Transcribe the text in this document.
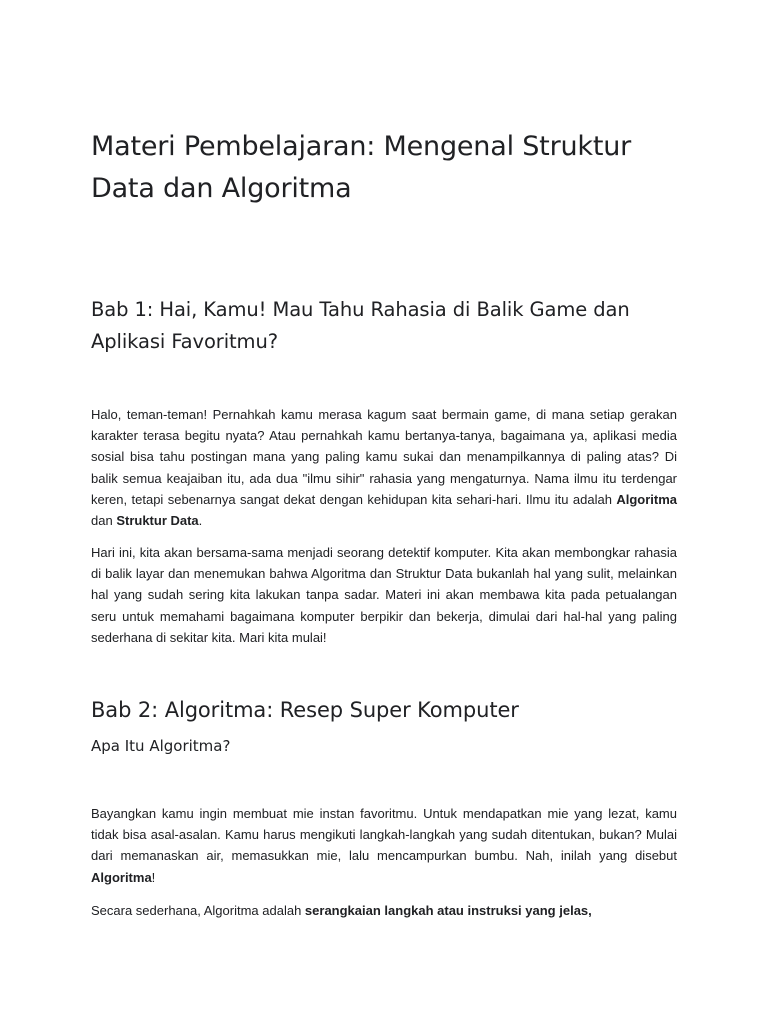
Materi Pembelajaran: Mengenal Struktur Data dan Algoritma
Bab 1: Hai, Kamu! Mau Tahu Rahasia di Balik Game dan Aplikasi Favoritmu?

Halo, teman-teman! Pernahkah kamu merasa kagum saat bermain game, di mana setiap gerakan karakter terasa begitu nyata? Atau pernahkah kamu bertanya-tanya, bagaimana ya, aplikasi media sosial bisa tahu postingan mana yang paling kamu sukai dan menampilkannya di paling atas? Di balik semua keajaiban itu, ada dua "ilmu sihir" rahasia yang mengaturnya. Nama ilmu itu terdengar keren, tetapi sebenarnya sangat dekat dengan kehidupan kita sehari-hari. Ilmu itu adalah Algoritma dan Struktur Data.

Hari ini, kita akan bersama-sama menjadi seorang detektif komputer. Kita akan membongkar rahasia di balik layar dan menemukan bahwa Algoritma dan Struktur Data bukanlah hal yang sulit, melainkan hal yang sudah sering kita lakukan tanpa sadar. Materi ini akan membawa kita pada petualangan seru untuk memahami bagaimana komputer berpikir dan bekerja, dimulai dari hal-hal yang paling sederhana di sekitar kita. Mari kita mulai!

Bab 2: Algoritma: Resep Super Komputer
Apa Itu Algoritma?

Bayangkan kamu ingin membuat mie instan favoritmu. Untuk mendapatkan mie yang lezat, kamu tidak bisa asal-asalan. Kamu harus mengikuti langkah-langkah yang sudah ditentukan, bukan? Mulai dari memanaskan air, memasukkan mie, lalu mencampurkan bumbu. Nah, inilah yang disebut Algoritma!

Secara sederhana, Algoritma adalah serangkaian langkah atau instruksi yang jelas,
